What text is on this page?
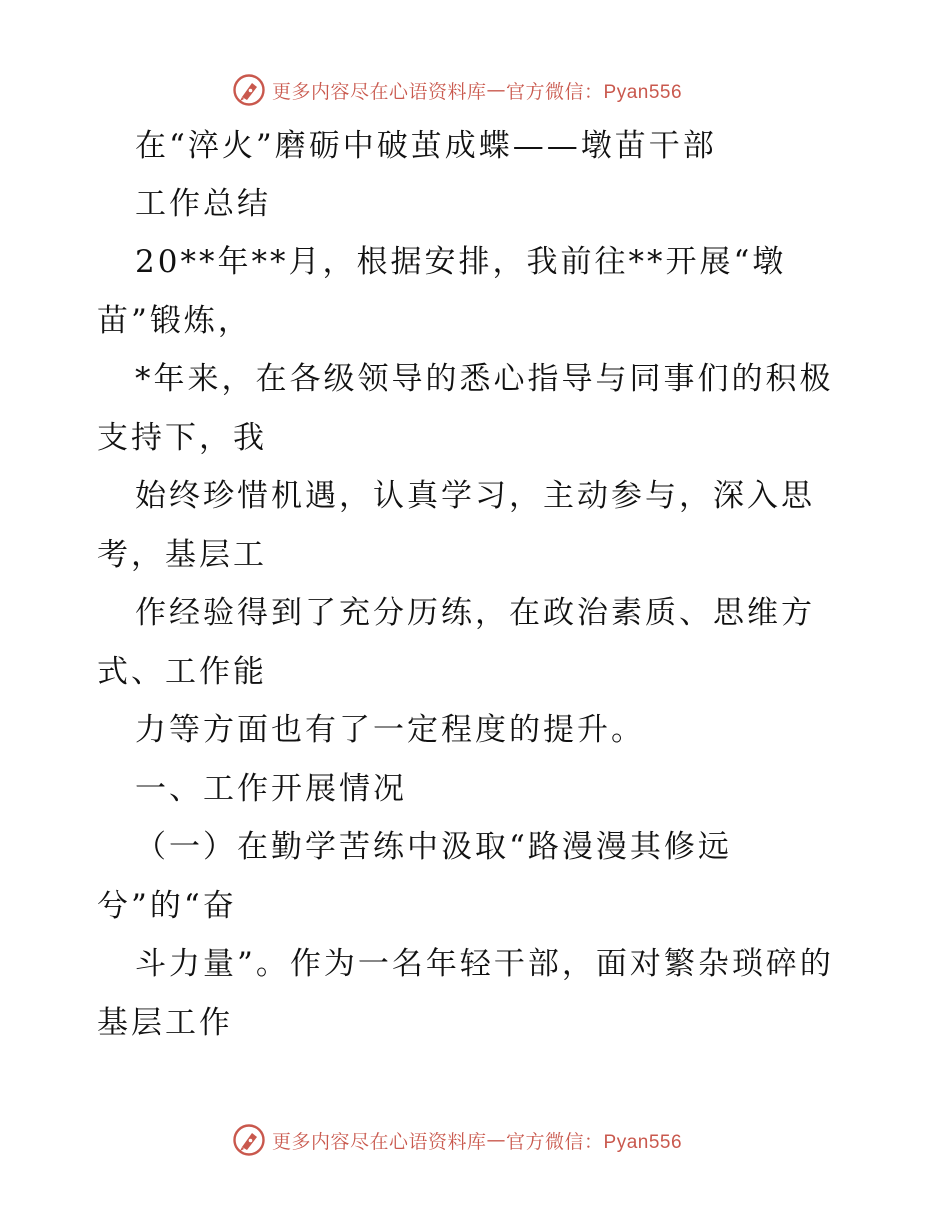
更多内容尽在心语资料库 — 官方微信：Pyan556
在“淬火”磨砺中破茧成蝶——墩苗干部
工作总结
20**年**月，根据安排，我前往**开展“墩
苗”锻炼，
*年来，在各级领导的悉心指导与同事们的积极
支持下，我
始终珍惜机遇，认真学习，主动参与，深入思
考，基层工
作经验得到了充分历练，在政治素质、思维方
式、工作能
力等方面也有了一定程度的提升。
一、工作开展情况
（一）在勤学苦练中汲取“路漫漫其修远
兮”的“奋
斗力量”。作为一名年轻干部，面对繁杂琐碎的
基层工作
更多内容尽在心语资料库 — 官方微信：Pyan556
